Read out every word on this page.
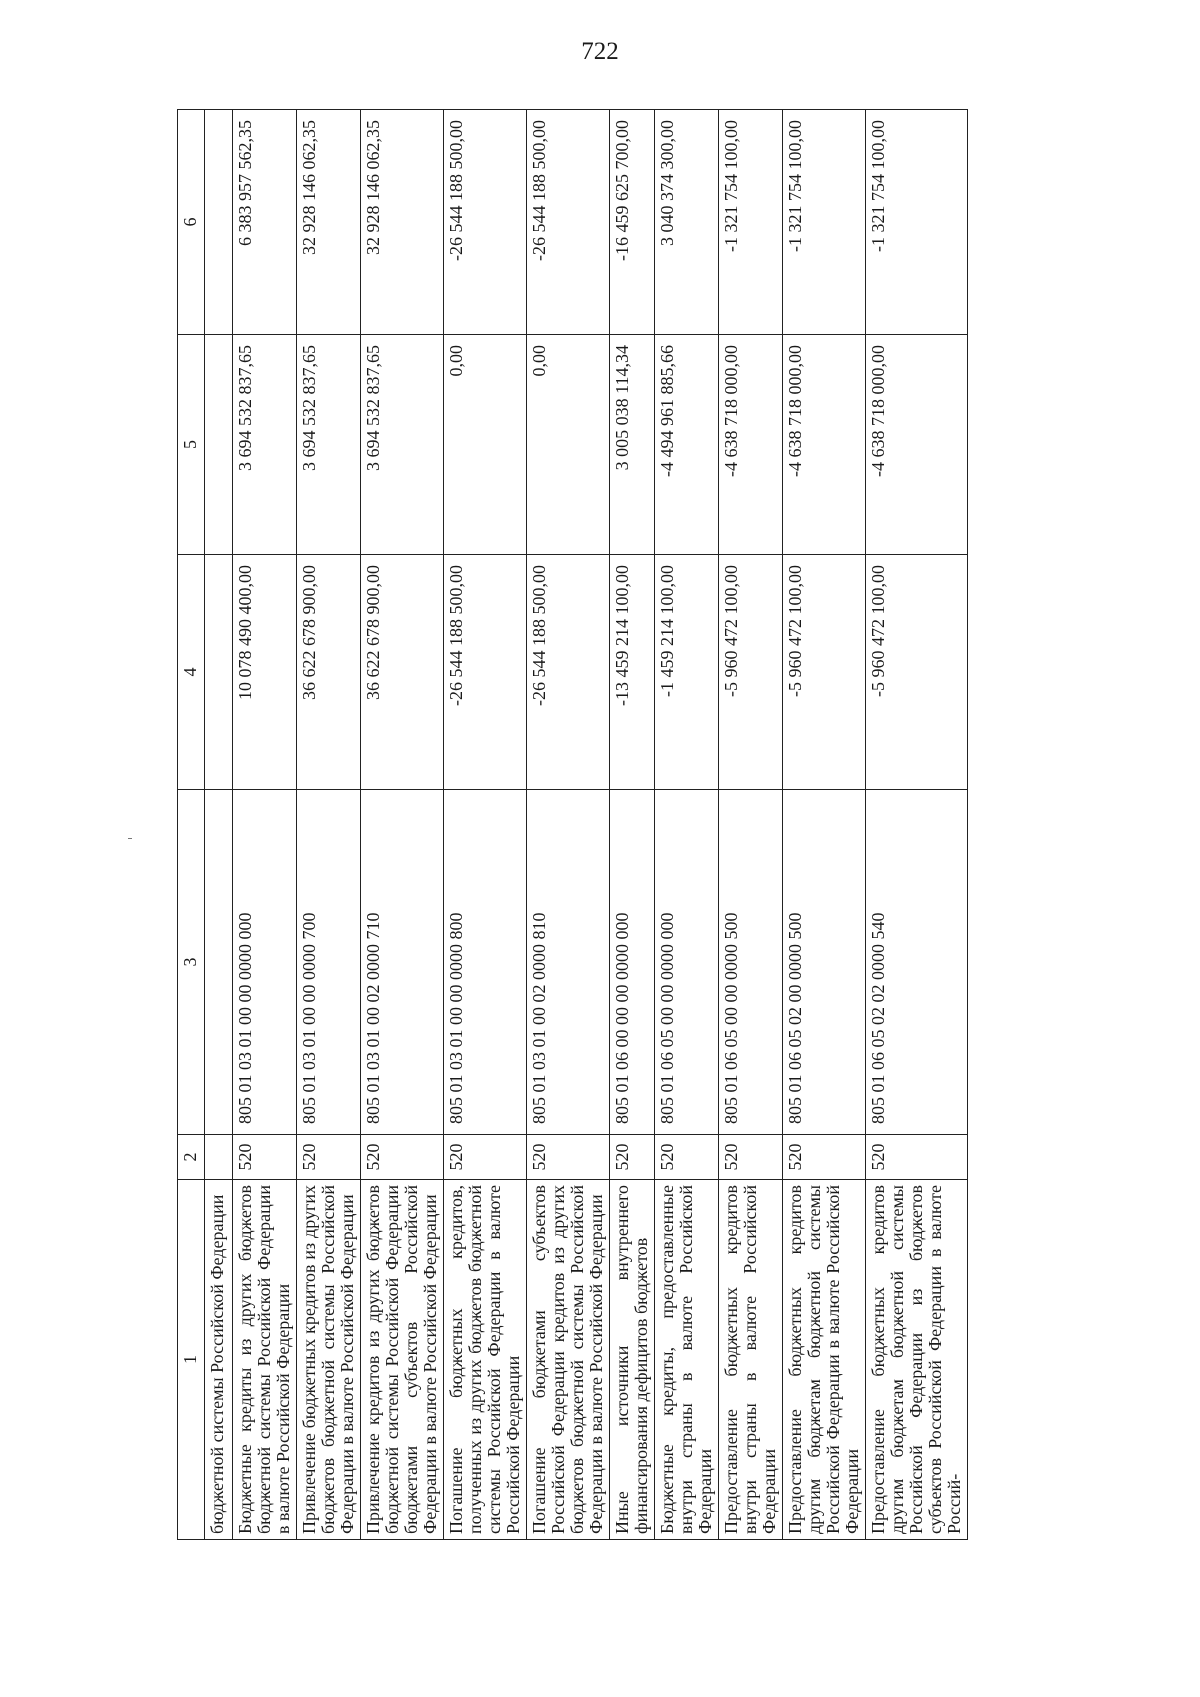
722
1	2	3	4	5	6
бюджетной системы Российской Федерации					
Бюджетные кредиты из других бюджетов бюджетной системы Российской Федерации в валюте Российской Федерации	520	805 01 03 01 00 00 0000 000	10 078 490 400,00	3 694 532 837,65	6 383 957 562,35
Привлечение бюджетных кредитов из других бюджетов бюджетной системы Российской Федерации в валюте Российской Федерации	520	805 01 03 01 00 00 0000 700	36 622 678 900,00	3 694 532 837,65	32 928 146 062,35
Привлечение кредитов из других бюджетов бюджетной системы Российской Федерации бюджетами субъектов Российской Федерации в валюте Российской Федерации	520	805 01 03 01 00 02 0000 710	36 622 678 900,00	3 694 532 837,65	32 928 146 062,35
Погашение бюджетных кредитов, полученных из других бюджетов бюджетной системы Российской Федерации в валюте Российской Федерации	520	805 01 03 01 00 00 0000 800	-26 544 188 500,00	0,00	-26 544 188 500,00
Погашение бюджетами субъектов Российской Федерации кредитов из других бюджетов бюджетной системы Российской Федерации в валюте Российской Федерации	520	805 01 03 01 00 02 0000 810	-26 544 188 500,00	0,00	-26 544 188 500,00
Иные источники внутреннего финансирования дефицитов бюджетов	520	805 01 06 00 00 00 0000 000	-13 459 214 100,00	3 005 038 114,34	-16 459 625 700,00
Бюджетные кредиты, предоставленные внутри страны в валюте Российской Федерации	520	805 01 06 05 00 00 0000 000	-1 459 214 100,00	-4 494 961 885,66	3 040 374 300,00
Предоставление бюджетных кредитов внутри страны в валюте Российской Федерации	520	805 01 06 05 00 00 0000 500	-5 960 472 100,00	-4 638 718 000,00	-1 321 754 100,00
Предоставление бюджетных кредитов другим бюджетам бюджетной системы Российской Федерации в валюте Российской Федерации	520	805 01 06 05 02 00 0000 500	-5 960 472 100,00	-4 638 718 000,00	-1 321 754 100,00
Предоставление бюджетных кредитов другим бюджетам бюджетной системы Российской Федерации из бюджетов субъектов Российской Федерации в валюте Россий-	520	805 01 06 05 02 02 0000 540	-5 960 472 100,00	-4 638 718 000,00	-1 321 754 100,00
